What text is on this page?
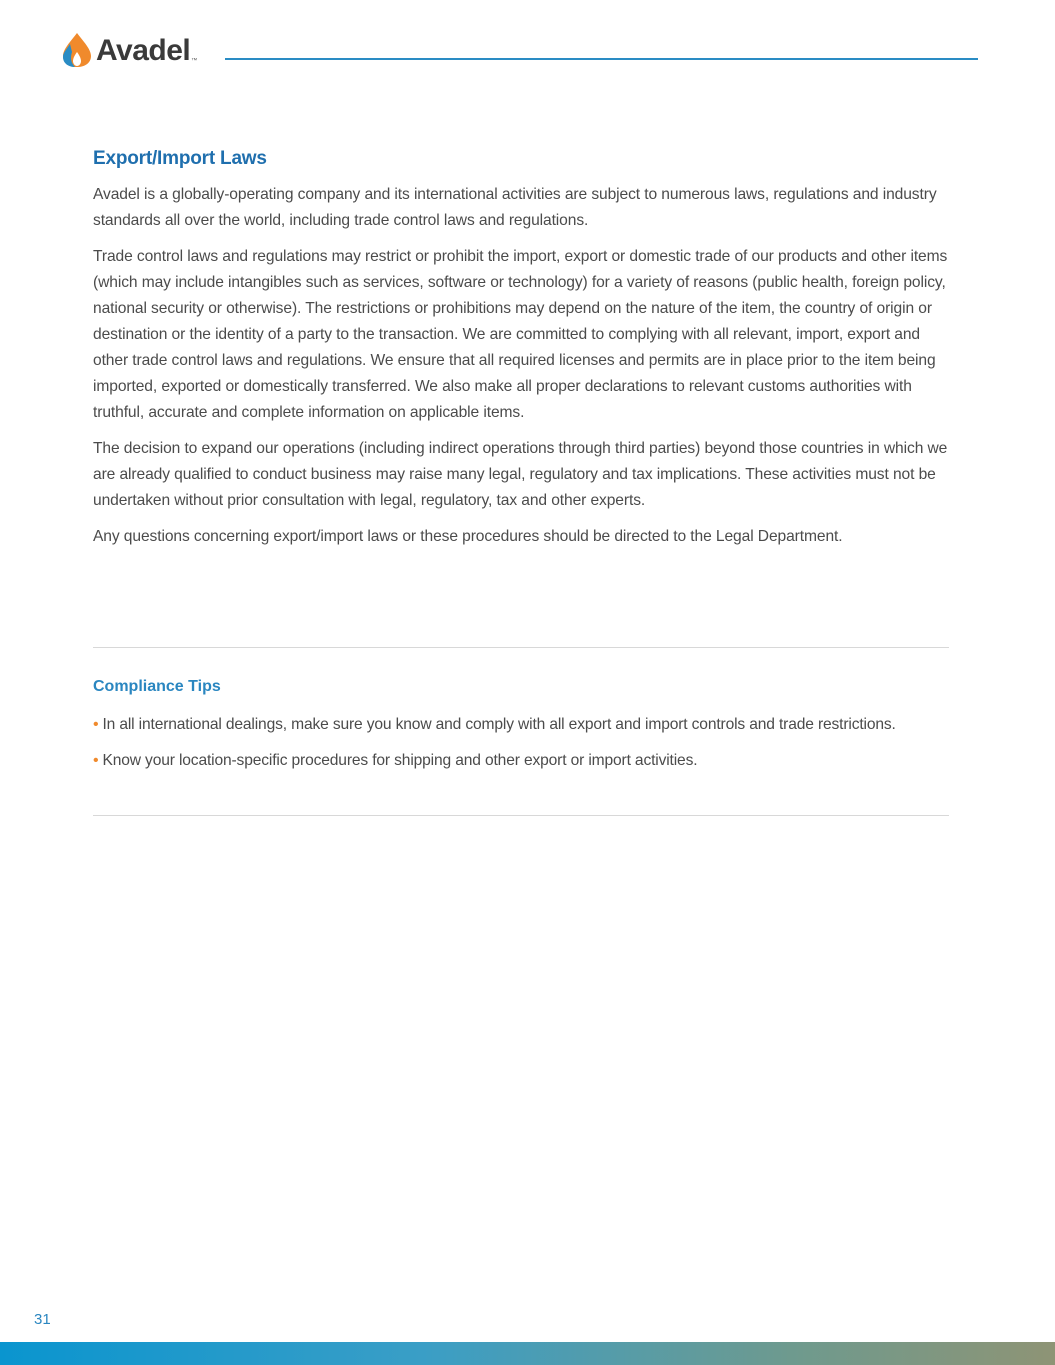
Avadel ™
Export/Import Laws

Avadel is a globally-operating company and its international activities are subject to numerous laws, regulations and industry standards all over the world, including trade control laws and regulations.

Trade control laws and regulations may restrict or prohibit the import, export or domestic trade of our products and other items (which may include intangibles such as services, software or technology) for a variety of reasons (public health, foreign policy, national security or otherwise). The restrictions or prohibitions may depend on the nature of the item, the country of origin or destination or the identity of a party to the transaction. We are committed to complying with all relevant, import, export and other trade control laws and regulations. We ensure that all required licenses and permits are in place prior to the item being imported, exported or domestically transferred. We also make all proper declarations to relevant customs authorities with truthful, accurate and complete information on applicable items.

The decision to expand our operations (including indirect operations through third parties) beyond those countries in which we are already qualified to conduct business may raise many legal, regulatory and tax implications. These activities must not be undertaken without prior consultation with legal, regulatory, tax and other experts.

Any questions concerning export/import laws or these procedures should be directed to the Legal Department.

Compliance Tips
• In all international dealings, make sure you know and comply with all export and import controls and trade restrictions.
• Know your location-specific procedures for shipping and other export or import activities.
31
